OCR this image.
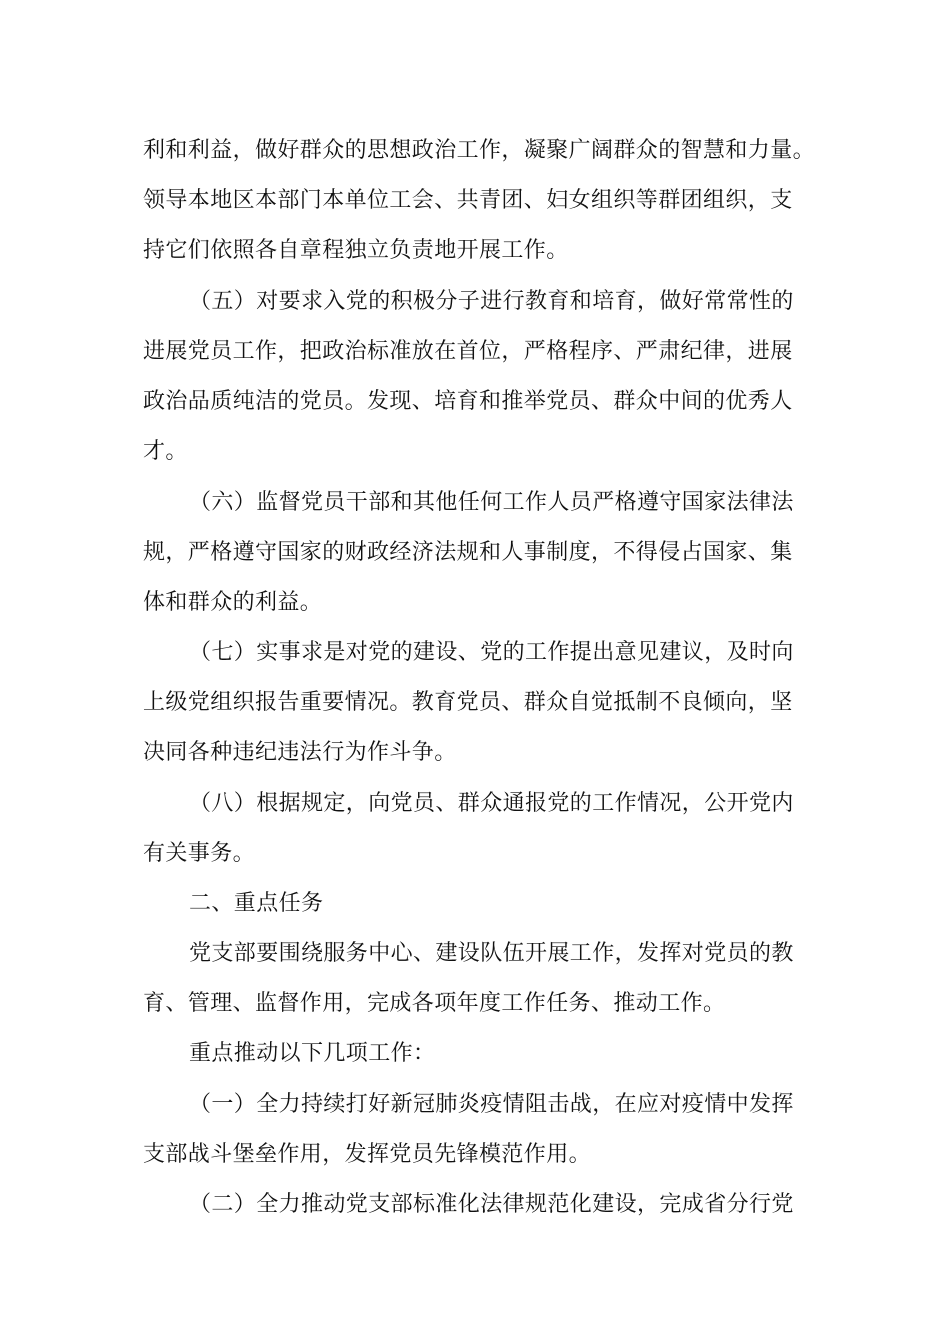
利和利益，做好群众的思想政治工作，凝聚广阔群众的智慧和力量。
领导本地区本部门本单位工会、共青团、妇女组织等群团组织，支
持它们依照各自章程独立负责地开展工作。
（五）对要求入党的积极分子进行教育和培育，做好常常性的
进展党员工作，把政治标准放在首位，严格程序、严肃纪律，进展
政治品质纯洁的党员。发现、培育和推举党员、群众中间的优秀人
才。
（六）监督党员干部和其他任何工作人员严格遵守国家法律法
规，严格遵守国家的财政经济法规和人事制度，不得侵占国家、集
体和群众的利益。
（七）实事求是对党的建设、党的工作提出意见建议，及时向
上级党组织报告重要情况。教育党员、群众自觉抵制不良倾向，坚
决同各种违纪违法行为作斗争。
（八）根据规定，向党员、群众通报党的工作情况，公开党内
有关事务。
二、重点任务
党支部要围绕服务中心、建设队伍开展工作，发挥对党员的教
育、管理、监督作用，完成各项年度工作任务、推动工作。
重点推动以下几项工作：
（一）全力持续打好新冠肺炎疫情阻击战，在应对疫情中发挥
支部战斗堡垒作用，发挥党员先锋模范作用。
（二）全力推动党支部标准化法律规范化建设，完成省分行党
